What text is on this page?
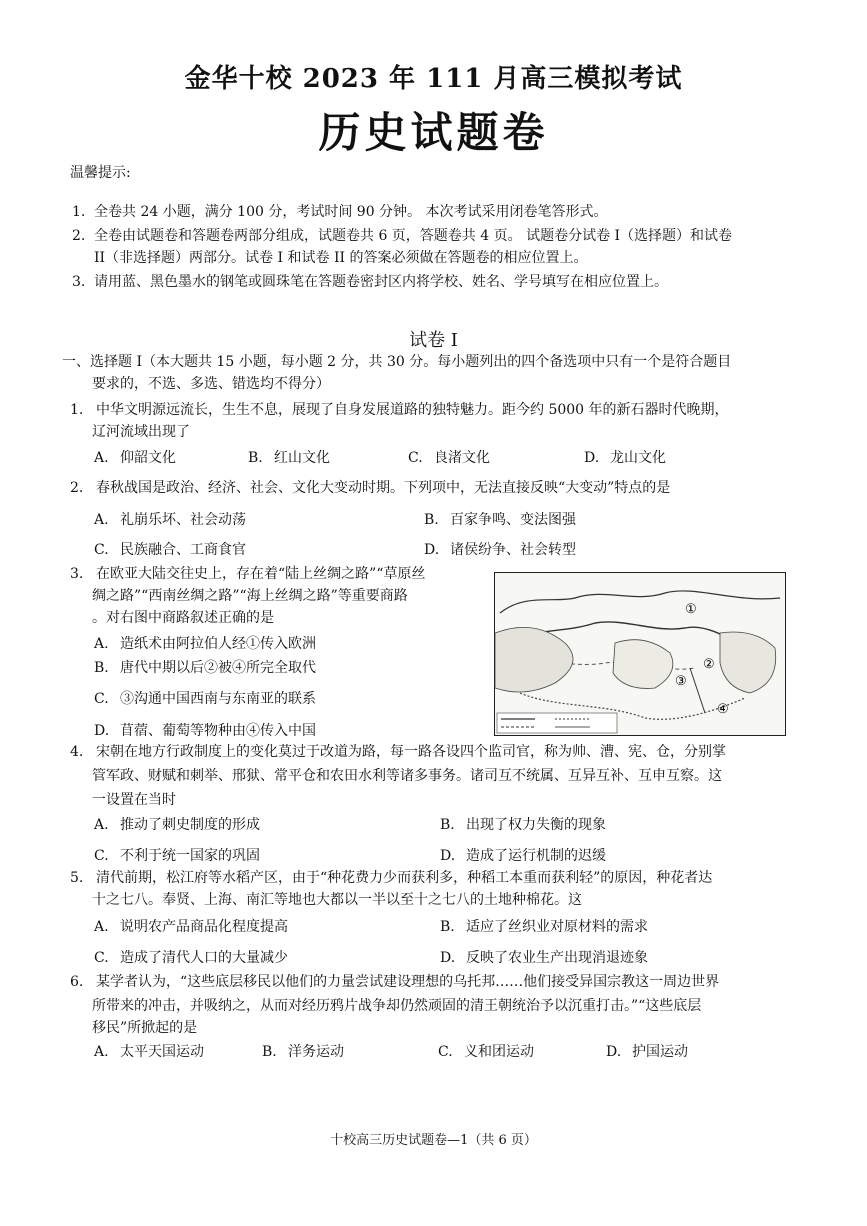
金华十校 2023 年 111 月高三模拟考试
历史试题卷
温馨提示:
1. 全卷共 24 小题，满分 100 分，考试时间 90 分钟。 本次考试采用闭卷笔答形式。
2. 全卷由试题卷和答题卷两部分组成，试题卷共 6 页，答题卷共 4 页。 试题卷分试卷 I（选择题）和试卷
II（非选择题）两部分。试卷 I 和试卷 II 的答案必须做在答题卷的相应位置上。
3. 请用蓝、黑色墨水的钢笔或圆珠笔在答题卷密封区内将学校、姓名、学号填写在相应位置上。
试卷 I
一、选择题 I（本大题共 15 小题，每小题 2 分，共 30 分。每小题列出的四个备选项中只有一个是符合题目
要求的，不选、多选、错选均不得分）
1. 中华文明源远流长，生生不息，展现了自身发展道路的独特魅力。距今约 5000 年的新石器时代晚期，
辽河流域出现了
A. 仰韶文化	B. 红山文化	C. 良渚文化	D. 龙山文化
2. 春秋战国是政治、经济、社会、文化大变动时期。下列项中，无法直接反映“大变动”特点的是
A. 礼崩乐坏、社会动荡	B. 百家争鸣、变法图强
C. 民族融合、工商食官	D. 诸侯纷争、社会转型
3. 在欧亚大陆交往史上，存在着“陆上丝绸之路”“草原丝
绸之路”“西南丝绸之路”“海上丝绸之路”等重要商路
。对右图中商路叙述正确的是
A. 造纸术由阿拉伯人经①传入欧洲
B. 唐代中期以后②被④所完全取代
C. ③沟通中国西南与东南亚的联系
D. 苜蓿、葡萄等物种由④传入中国
①
②
③
④
4. 宋朝在地方行政制度上的变化莫过于改道为路，每一路各设四个监司官，称为帅、漕、宪、仓，分别掌
管军政、财赋和刺举、邢狱、常平仓和农田水利等诸多事务。诸司互不统属、互异互补、互申互察。这
一设置在当时
A. 推动了刺史制度的形成	B. 出现了权力失衡的现象
C. 不利于统一国家的巩固	D. 造成了运行机制的迟缓
5. 清代前期，松江府等水稻产区，由于“种花费力少而获利多，种稻工本重而获利轻”的原因，种花者达
十之七八。奉贤、上海、南汇等地也大都以一半以至十之七八的土地种棉花。这
A. 说明农产品商品化程度提高	B. 适应了丝织业对原材料的需求
C. 造成了清代人口的大量减少	D. 反映了农业生产出现消退迹象
6. 某学者认为，“这些底层移民以他们的力量尝试建设理想的乌托邦……他们接受异国宗教这一周边世界
所带来的冲击，并吸纳之，从而对经历鸦片战争却仍然顽固的清王朝统治予以沉重打击。”“这些底层
移民”所掀起的是
A. 太平天国运动	B. 洋务运动	C. 义和团运动	D. 护国运动
十校高三历史试题卷—1（共 6 页）
